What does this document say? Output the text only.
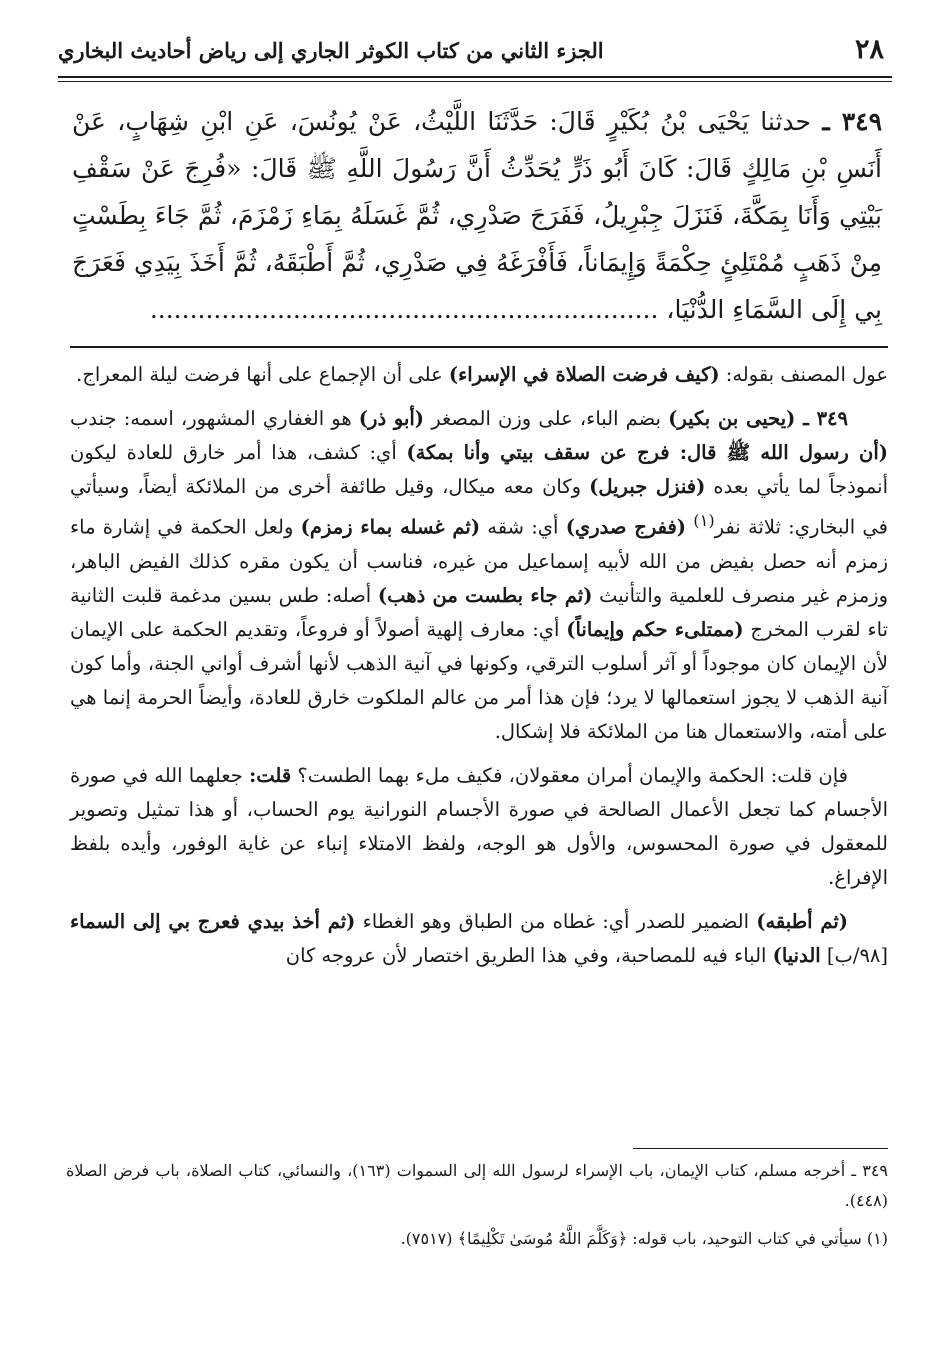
٢٨
الجزء الثاني من كتاب الكوثر الجاري إلى رياض أحاديث البخاري
٣٤٩ ـ حدثنا يَحْيَى بْنُ بُكَيْرٍ قَالَ: حَدَّثَنَا اللَّيْثُ، عَنْ يُونُسَ، عَنِ ابْنِ شِهَابٍ، عَنْ أَنَسِ بْنِ مَالِكٍ قَالَ: كَانَ أَبُو ذَرٍّ يُحَدِّثُ أَنَّ رَسُولَ اللَّهِ ﷺ قَالَ: «فُرِجَ عَنْ سَقْفِ بَيْتِي وَأَنَا بِمَكَّةَ، فَنَزَلَ جِبْرِيلُ، فَفَرَجَ صَدْرِي، ثُمَّ غَسَلَهُ بِمَاءِ زَمْزَمَ، ثُمَّ جَاءَ بِطَسْتٍ مِنْ ذَهَبٍ مُمْتَلِئٍ حِكْمَةً وَإِيمَاناً، فَأَفْرَغَهُ فِي صَدْرِي، ثُمَّ أَطْبَقَهُ، ثُمَّ أَخَذَ بِيَدِي فَعَرَجَ بِي إِلَى السَّمَاءِ الدُّنْيَا، ................................................................

عول المصنف بقوله: (كيف فرضت الصلاة في الإسراء) على أن الإجماع على أنها فرضت ليلة المعراج.

٣٤٩ ـ (يحيى بن بكير) بضم الباء، على وزن المصغر (أبو ذر) هو الغفاري المشهور، اسمه: جندب (أن رسول الله ﷺ قال: فرج عن سقف بيتي وأنا بمكة) أي: كشف، هذا أمر خارق للعادة ليكون أنموذجاً لما يأتي بعده (فنزل جبريل) وكان معه ميكال، وقيل طائفة أخرى من الملائكة أيضاً، وسيأتي في البخاري: ثلاثة نفر$^{(١)}$ (ففرج صدري) أي: شقه (ثم غسله بماء زمزم) ولعل الحكمة في إشارة ماء زمزم أنه حصل بفيض من الله لأبيه إسماعيل من غيره، فناسب أن يكون مقره كذلك الفيض الباهر، وزمزم غير منصرف للعلمية والتأنيث (ثم جاء بطست من ذهب) أصله: طس بسين مدغمة قلبت الثانية تاء لقرب المخرج (ممتلىء حكم وإيماناً) أي: معارف إلهية أصولاً أو فروعاً، وتقديم الحكمة على الإيمان لأن الإيمان كان موجوداً أو آثر أسلوب الترقي، وكونها في آنية الذهب لأنها أشرف أواني الجنة، وأما كون آنية الذهب لا يجوز استعمالها لا يرد؛ فإن هذا أمر من عالم الملكوت خارق للعادة، وأيضاً الحرمة إنما هي على أمته، والاستعمال هنا من الملائكة فلا إشكال.

فإن قلت: الحكمة والإيمان أمران معقولان، فكيف ملء بهما الطست؟ قلت: جعلهما الله في صورة الأجسام كما تجعل الأعمال الصالحة في صورة الأجسام النورانية يوم الحساب، أو هذا تمثيل وتصوير للمعقول في صورة المحسوس، والأول هو الوجه، ولفظ الامتلاء إنباء عن غاية الوفور، وأيده بلفظ الإفراغ.

(ثم أطبقه) الضمير للصدر أي: غطاه من الطباق وهو الغطاء (ثم أخذ بيدي فعرج بي إلى السماء [٩٨/ب] الدنيا) الباء فيه للمصاحبة، وفي هذا الطريق اختصار لأن عروجه كان

٣٤٩ ـ أخرجه مسلم، كتاب الإيمان، باب الإسراء لرسول الله إلى السموات (١٦٣)، والنسائي، كتاب الصلاة، باب فرض الصلاة (٤٤٨).

(١) سيأتي في كتاب التوحيد، باب قوله: ﴿وَكَلَّمَ اللَّهُ مُوسَىٰ تَكْلِيمًا﴾ (٧٥١٧).
